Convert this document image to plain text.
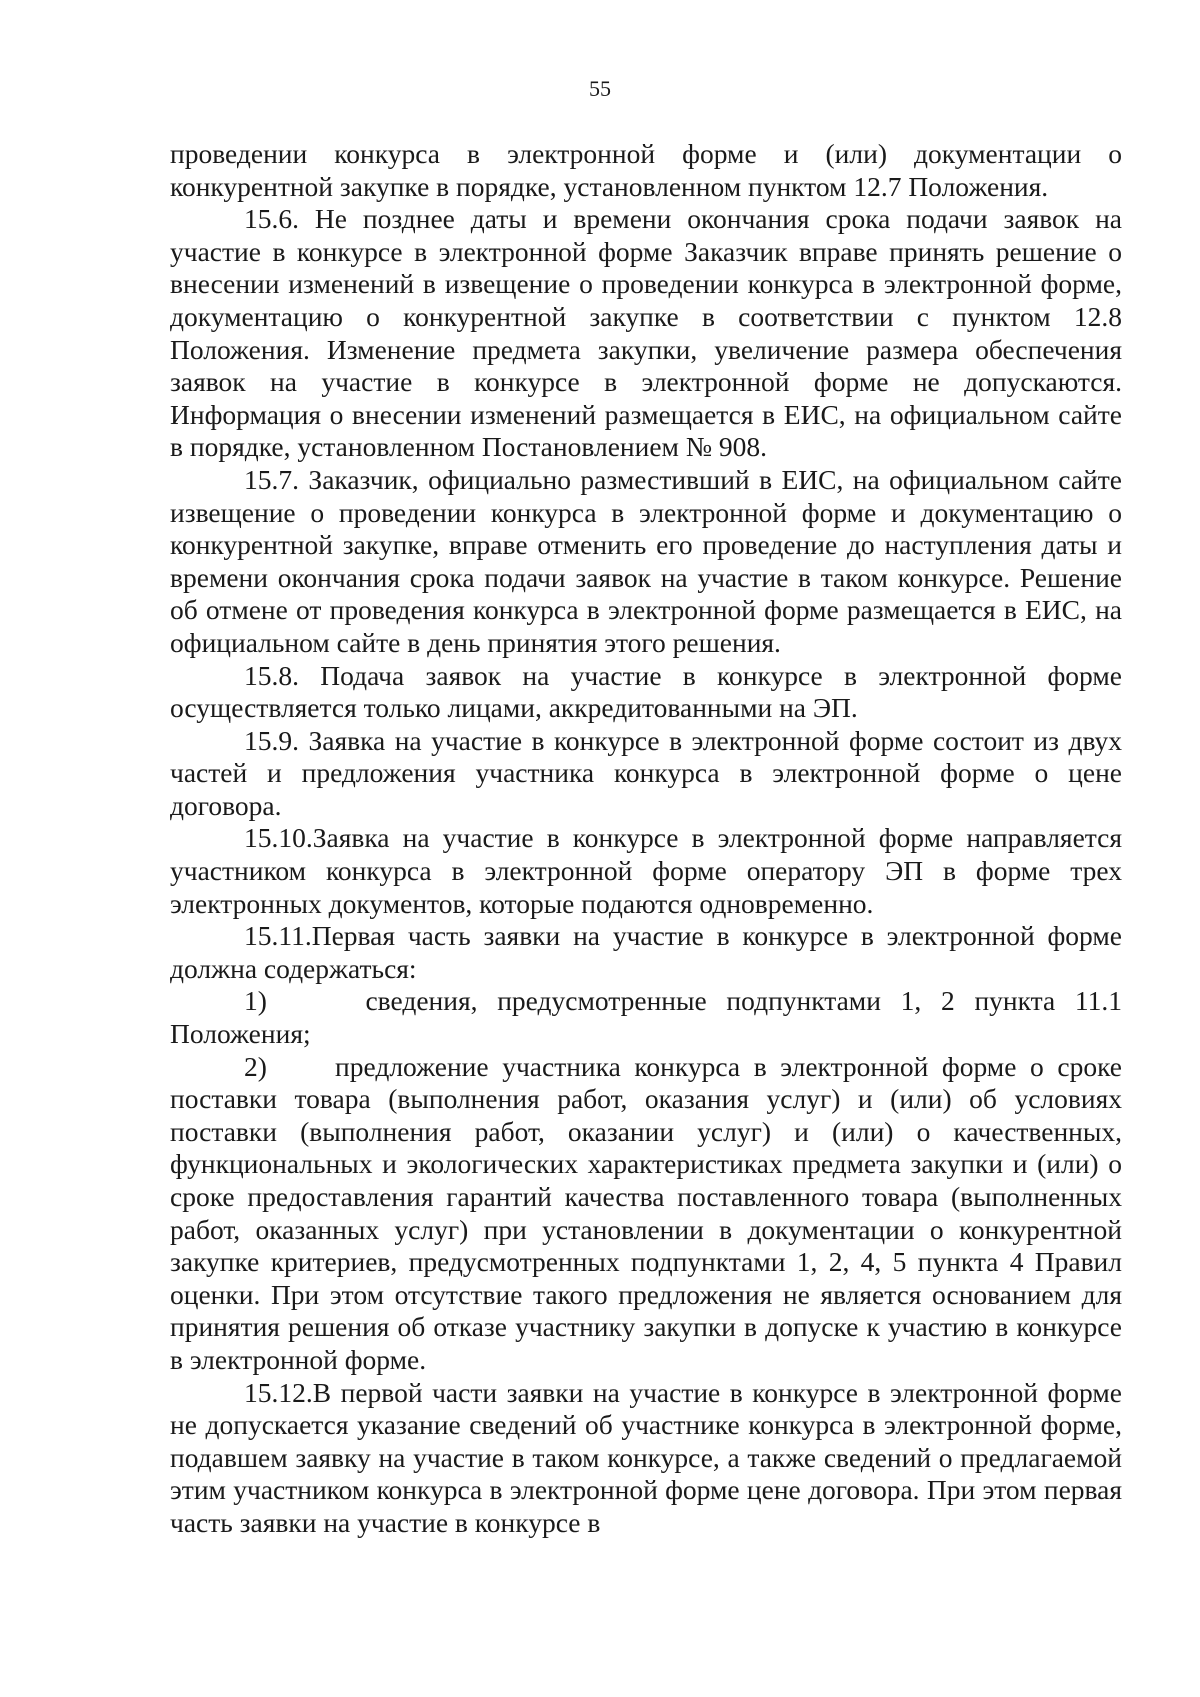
55

проведении конкурса в электронной форме и (или) документации о конкурентной закупке в порядке, установленном пунктом 12.7 Положения.

15.6. Не позднее даты и времени окончания срока подачи заявок на участие в конкурсе в электронной форме Заказчик вправе принять решение о внесении изменений в извещение о проведении конкурса в электронной форме, документацию о конкурентной закупке в соответствии с пунктом 12.8 Положения. Изменение предмета закупки, увеличение размера обеспечения заявок на участие в конкурсе в электронной форме не допускаются. Информация о внесении изменений размещается в ЕИС, на официальном сайте в порядке, установленном Постановлением № 908.

15.7. Заказчик, официально разместивший в ЕИС, на официальном сайте извещение о проведении конкурса в электронной форме и документацию о конкурентной закупке, вправе отменить его проведение до наступления даты и времени окончания срока подачи заявок на участие в таком конкурсе. Решение об отмене от проведения конкурса в электронной форме размещается в ЕИС, на официальном сайте в день принятия этого решения.

15.8. Подача заявок на участие в конкурсе в электронной форме осуществляется только лицами, аккредитованными на ЭП.

15.9. Заявка на участие в конкурсе в электронной форме состоит из двух частей и предложения участника конкурса в электронной форме о цене договора.

15.10.Заявка на участие в конкурсе в электронной форме направляется участником конкурса в электронной форме оператору ЭП в форме трех электронных документов, которые подаются одновременно.

15.11.Первая часть заявки на участие в конкурсе в электронной форме должна содержаться:

1)     сведения, предусмотренные подпунктами 1, 2 пункта 11.1 Положения;

2)     предложение участника конкурса в электронной форме о сроке поставки товара (выполнения работ, оказания услуг) и (или) об условиях поставки (выполнения работ, оказании услуг) и (или) о качественных, функциональных и экологических характеристиках предмета закупки и (или) о сроке предоставления гарантий качества поставленного товара (выполненных работ, оказанных услуг) при установлении в документации о конкурентной закупке критериев, предусмотренных подпунктами 1, 2, 4, 5 пункта 4 Правил оценки. При этом отсутствие такого предложения не является основанием для принятия решения об отказе участнику закупки в допуске к участию в конкурсе в электронной форме.

15.12.В первой части заявки на участие в конкурсе в электронной форме не допускается указание сведений об участнике конкурса в электронной форме, подавшем заявку на участие в таком конкурсе, а также сведений о предлагаемой этим участником конкурса в электронной форме цене договора. При этом первая часть заявки на участие в конкурсе в
